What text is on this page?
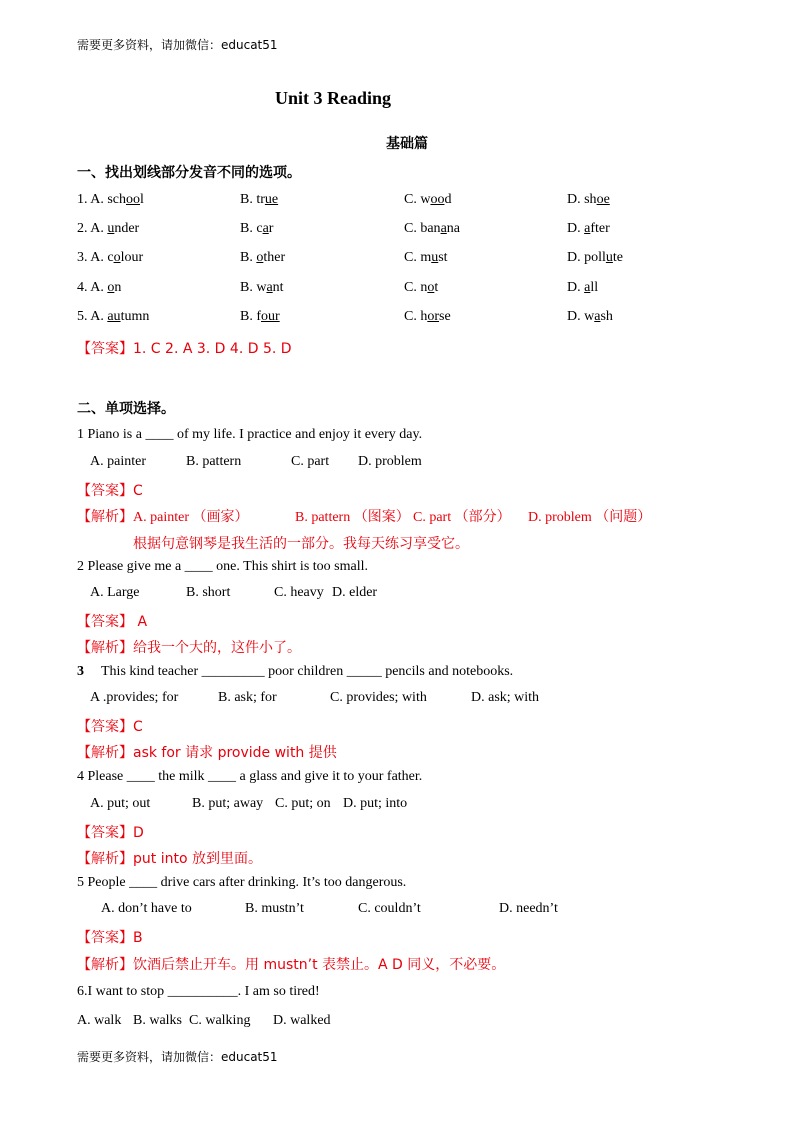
需要更多资料，请加微信：educat51
Unit 3 Reading
基础篇
一、找出划线部分发音不同的选项。
1. A. school	B. true	C. wood	D. shoe
2. A. under	B. car	C. banana	D. after
3. A. colour	B. other	C. must	D. pollute
4. A. on	B. want	C. not	D. all
5. A. autumn	B. four	C. horse	D. wash
【答案】1. C 2. A 3. D 4. D 5. D
二、单项选择。
1 Piano is a ____ of my life. I practice and enjoy it every day.
A. painter	B. pattern	C. part D. problem
【答案】C
【解析】 A. painter （画家）	B. pattern （图案） C. part （部分） D. problem （问题）
根据句意钢琴是我生活的一部分。我每天练习享受它。
2 Please give me a ____ one. This shirt is too small.
A. Large	B. short	C. heavy D. elder
【答案】 A
【解析】给我一个大的，这件小了。
3 This kind teacher _________ poor children _____ pencils and notebooks.
A .provides; for	B. ask; for	C. provides; with	D. ask; with
【答案】C
【解析】ask for 请求 provide with 提供
4 Please ____ the milk ____ a glass and give it to your father.
A. put; out	B. put; away C. put; on D. put; into
【答案】D
【解析】put into 放到里面。
5 People ____ drive cars after drinking. It’s too dangerous.
A. don’t have to	B. mustn’t	C. couldn’t	D. needn’t
【答案】B
【解析】饮酒后禁止开车。用 mustn’t 表禁止。A D 同义，不必要。
6.I want to stop __________. I am so tired!
A. walk B. walks C. walking D. walked
需要更多资料，请加微信：educat51
